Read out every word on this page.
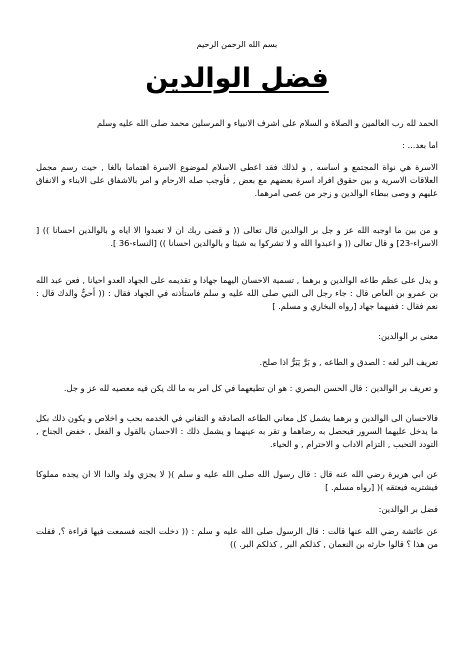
بسم الله الرحمن الرحيم

فضل الوالدين

الحمد لله رب العالمين و الصلاة و السلام على اشرف الانبياء و المرسلين محمد صلى الله عليه وسلم

اما بعد... :

الاسرة هي نواة المجتمع و اساسه , و لذلك فقد اعطى الاسلام لموضوع الاسرة اهتماما بالغا , حيث رسم مجمل العلاقات الاسرية و بين حقوق افراد اسرة بعضهم مع بعض , فأوجب صله الارحام و امر بالاشفاق على الابناء و الانفاق عليهم و وصى ببطاء الوالدين و زجر من عصى امرهما.

و من بين ما اوجبه الله عز و جل بر الوالدين قال تعالى (( و قضى ربك ان لا تعبدوا الا اياه و بالوالدين احسانا )) [ الاسراء-23] و قال تعالى (( و اعبدوا الله و لا تشركوا به شيئا و بالوالدين احسانا )) [النساء-36 ].

و يدل على عظم طاعه الوالدين و برهما , تسمية الاحسان اليهما جهادا و تقديمه على الجهاد العدو احيانا , فعن عبد الله بن عمرو بن العاص قال : جاء رجل الى النبي صلى الله عليه و سلم فاستأذنه في الجهاد فقال : (( أحيٌّ والدك قال : نعم فقال : ففيهما جهاد [رواه البخاري و مسلم. ]

معنى بر الوالدين:

تعريف البر لغه : الصدق و الطاعه , و بَرَّ يَبَرُّ اذا صلح.

و تعريف بر الوالدين : قال الحسن البصري : هو ان تطيعهما في كل امر به ما لك يكن فيه معصيه لله عز و جل.

فالاحسان الى الوالدين و برهما يشمل كل معاني الطاعه الصادقة و التفاني في الخدمه بحب و اخلاص و يكون ذلك بكل ما يدخل عليهما السرور فيحصل به رضاهما و تقر به عينهما و يشمل ذلك : الاحسان بالقول و الفعل , خفض الجناح , التودد التحبب , التزام الاداب و الاحترام , و الحياء.

عن ابي هريرة رضي الله عنه قال : قال رسول الله صلى الله عليه و سلم )( لا يجزي ولد والدا الا ان يجده مملوكا فيشتريه فيعتقه )( [رواه مسلم. ]

فضل بر الوالدين:

عن عائشة رضي الله عنها قالت : قال الرسول صلى الله عليه و سلم : (( دخلت الجنه فسمعت فيها قراءة ؟, فقلت من هذا ؟ قالوا حارثه بن النعمان , كذلكم البر , كذلكم البر. ))
